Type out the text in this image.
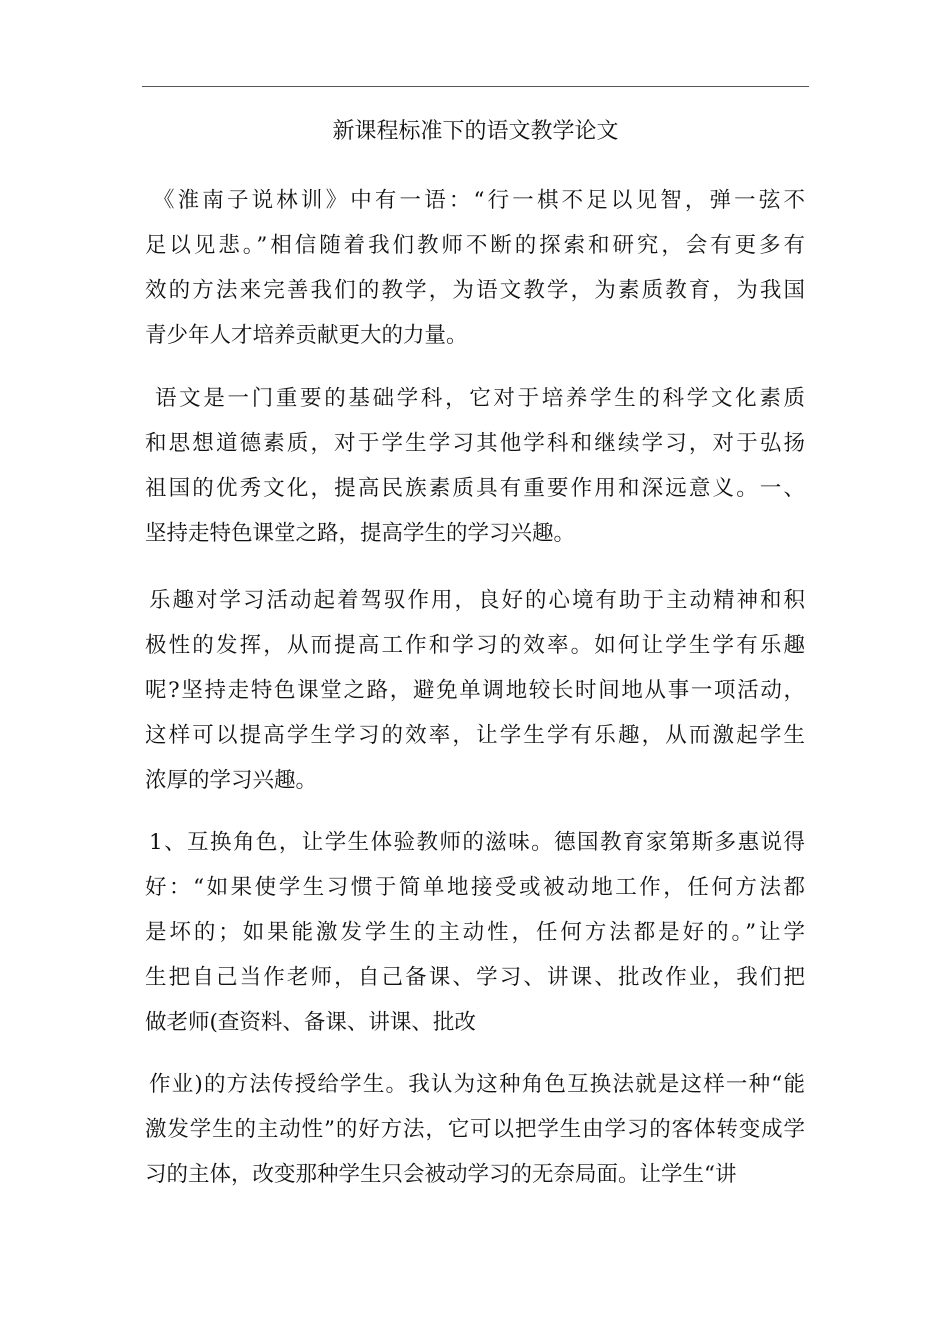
新课程标准下的语文教学论文
《淮南子说林训》中有一语：“行一棋不足以见智，弹一弦不
足以见悲。”相信随着我们教师不断的探索和研究，会有更多有
效的方法来完善我们的教学，为语文教学，为素质教育，为我国
青少年人才培养贡献更大的力量。
语文是一门重要的基础学科，它对于培养学生的科学文化素质
和思想道德素质，对于学生学习其他学科和继续学习，对于弘扬
祖国的优秀文化，提高民族素质具有重要作用和深远意义。一、
坚持走特色课堂之路，提高学生的学习兴趣。
乐趣对学习活动起着驾驭作用，良好的心境有助于主动精神和积
极性的发挥，从而提高工作和学习的效率。如何让学生学有乐趣
呢?坚持走特色课堂之路，避免单调地较长时间地从事一项活动，
这样可以提高学生学习的效率，让学生学有乐趣，从而激起学生
浓厚的学习兴趣。
1、互换角色，让学生体验教师的滋味。德国教育家第斯多惠说得
好：“如果使学生习惯于简单地接受或被动地工作，任何方法都
是坏的；如果能激发学生的主动性，任何方法都是好的。”让学
生把自己当作老师，自己备课、学习、讲课、批改作业，我们把
做老师(查资料、备课、讲课、批改
作业)的方法传授给学生。我认为这种角色互换法就是这样一种“能
激发学生的主动性”的好方法，它可以把学生由学习的客体转变成学
习的主体，改变那种学生只会被动学习的无奈局面。让学生“讲
